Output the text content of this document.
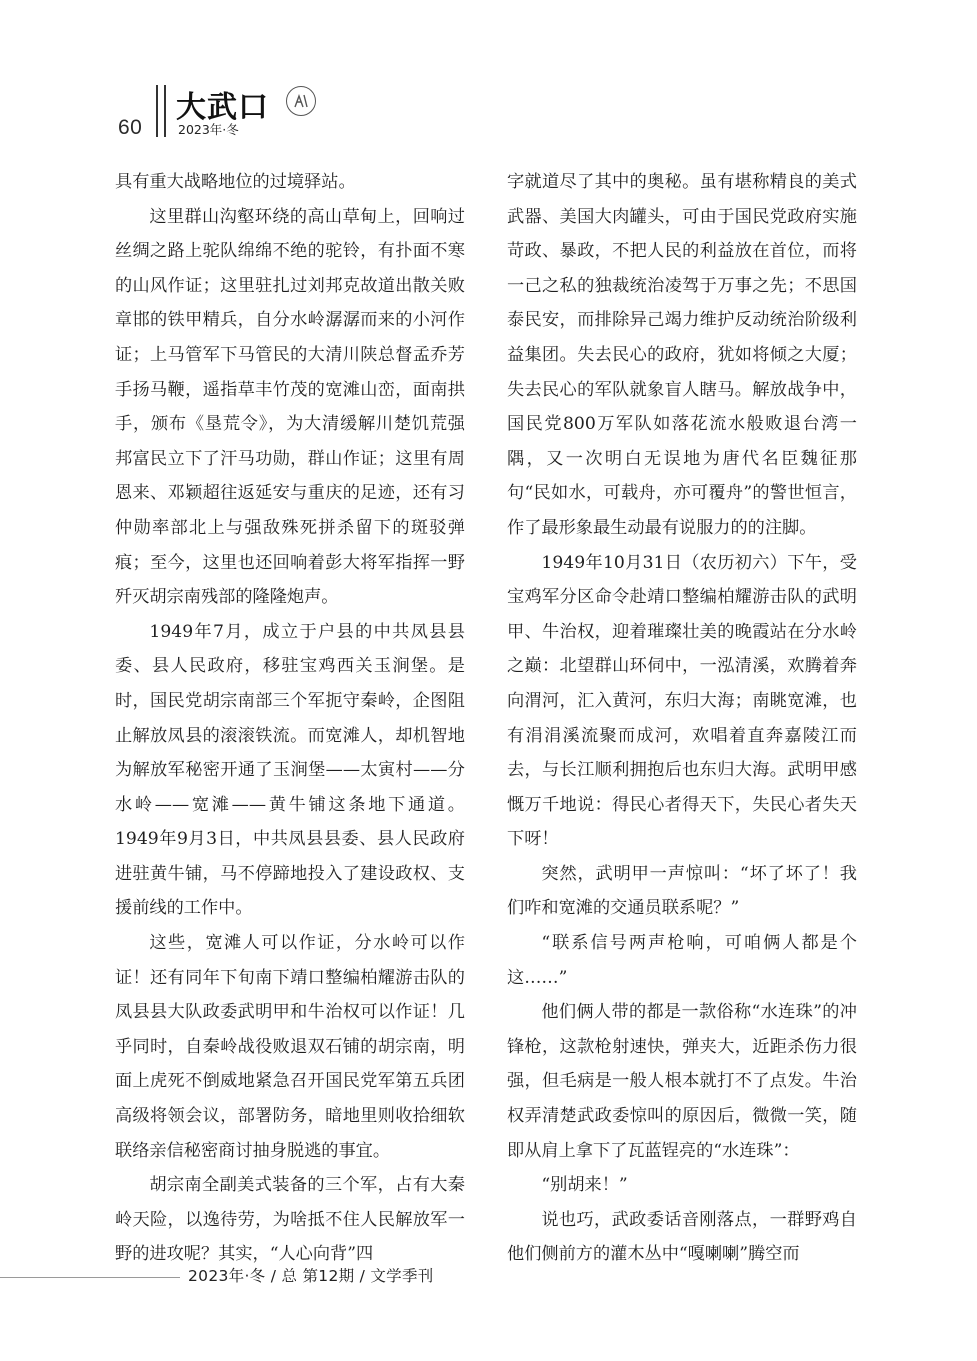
60
大武口
2023年·冬

具有重大战略地位的过境驿站。

这里群山沟壑环绕的高山草甸上，回响过丝绸之路上驼队绵绵不绝的驼铃，有扑面不寒的山风作证；这里驻扎过刘邦克故道出散关败章邯的铁甲精兵，自分水岭潺潺而来的小河作证；上马管军下马管民的大清川陕总督孟乔芳手扬马鞭，遥指草丰竹茂的宽滩山峦，面南拱手，颁布《垦荒令》，为大清缓解川楚饥荒强邦富民立下了汗马功勋，群山作证；这里有周恩来、邓颖超往返延安与重庆的足迹，还有习仲勋率部北上与强敌殊死拼杀留下的斑驳弹痕；至今，这里也还回响着彭大将军指挥一野歼灭胡宗南残部的隆隆炮声。

1949年7月，成立于户县的中共凤县县委、县人民政府，移驻宝鸡西关玉涧堡。是时，国民党胡宗南部三个军扼守秦岭，企图阻止解放凤县的滚滚铁流。而宽滩人，却机智地为解放军秘密开通了玉涧堡——太寅村——分水岭——宽滩——黄牛铺这条地下通道。1949年9月3日，中共凤县县委、县人民政府进驻黄牛铺，马不停蹄地投入了建设政权、支援前线的工作中。

这些，宽滩人可以作证，分水岭可以作证！还有同年下旬南下靖口整编柏耀游击队的凤县县大队政委武明甲和牛治权可以作证！几乎同时，自秦岭战役败退双石铺的胡宗南，明面上虎死不倒威地紧急召开国民党军第五兵团高级将领会议，部署防务，暗地里则收拾细软联络亲信秘密商讨抽身脱逃的事宜。

胡宗南全副美式装备的三个军，占有大秦岭天险，以逸待劳，为啥抵不住人民解放军一野的进攻呢？其实，“人心向背”四

字就道尽了其中的奥秘。虽有堪称精良的美式武器、美国大肉罐头，可由于国民党政府实施苛政、暴政，不把人民的利益放在首位，而将一己之私的独裁统治凌驾于万事之先；不思国泰民安，而排除异己竭力维护反动统治阶级利益集团。失去民心的政府，犹如将倾之大厦；失去民心的军队就象盲人瞎马。解放战争中，国民党800万军队如落花流水般败退台湾一隅，又一次明白无误地为唐代名臣魏征那句“民如水，可载舟，亦可覆舟”的警世恒言，作了最形象最生动最有说服力的的注脚。

1949年10月31日（农历初六）下午，受宝鸡军分区命令赴靖口整编柏耀游击队的武明甲、牛治权，迎着璀璨壮美的晚霞站在分水岭之巅：北望群山环伺中，一泓清溪，欢腾着奔向渭河，汇入黄河，东归大海；南眺宽滩，也有涓涓溪流聚而成河，欢唱着直奔嘉陵江而去，与长江顺利拥抱后也东归大海。武明甲感慨万千地说：得民心者得天下，失民心者失天下呀！

突然，武明甲一声惊叫：“坏了坏了！我们咋和宽滩的交通员联系呢？”

“联系信号两声枪响，可咱俩人都是个这……”

他们俩人带的都是一款俗称“水连珠”的冲锋枪，这款枪射速快，弹夹大，近距杀伤力很强，但毛病是一般人根本就打不了点发。牛治权弄清楚武政委惊叫的原因后，微微一笑，随即从肩上拿下了瓦蓝锃亮的“水连珠”：

“别胡来！”

说也巧，武政委话音刚落点，一群野鸡自他们侧前方的灌木丛中“嘎喇喇”腾空而

2023年·冬 / 总 第12期 / 文学季刊
